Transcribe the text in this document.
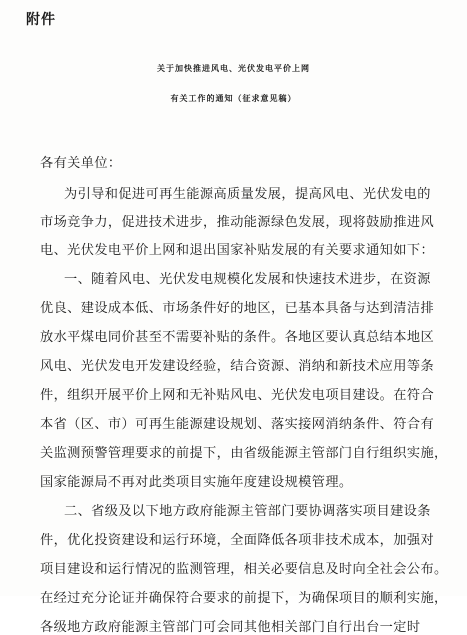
附件
关于加快推进风电、光伏发电平价上网
有关工作的通知（征求意见稿）
各有关单位：
为引导和促进可再生能源高质量发展，提高风电、光伏发电的
市场竞争力，促进技术进步，推动能源绿色发展，现将鼓励推进风
电、光伏发电平价上网和退出国家补贴发展的有关要求通知如下：
一、随着风电、光伏发电规模化发展和快速技术进步，在资源
优良、建设成本低、市场条件好的地区，已基本具备与达到清洁排
放水平煤电同价甚至不需要补贴的条件。各地区要认真总结本地区
风电、光伏发电开发建设经验，结合资源、消纳和新技术应用等条
件，组织开展平价上网和无补贴风电、光伏发电项目建设。在符合
本省（区、市）可再生能源建设规划、落实接网消纳条件、符合有
关监测预警管理要求的前提下，由省级能源主管部门自行组织实施，
国家能源局不再对此类项目实施年度建设规模管理。
二、省级及以下地方政府能源主管部门要协调落实项目建设条
件，优化投资建设和运行环境，全面降低各项非技术成本，加强对
项目建设和运行情况的监测管理，相关必要信息及时向全社会公布。
在经过充分论证并确保符合要求的前提下，为确保项目的顺利实施，
各级地方政府能源主管部门可会同其他相关部门自行出台一定时
